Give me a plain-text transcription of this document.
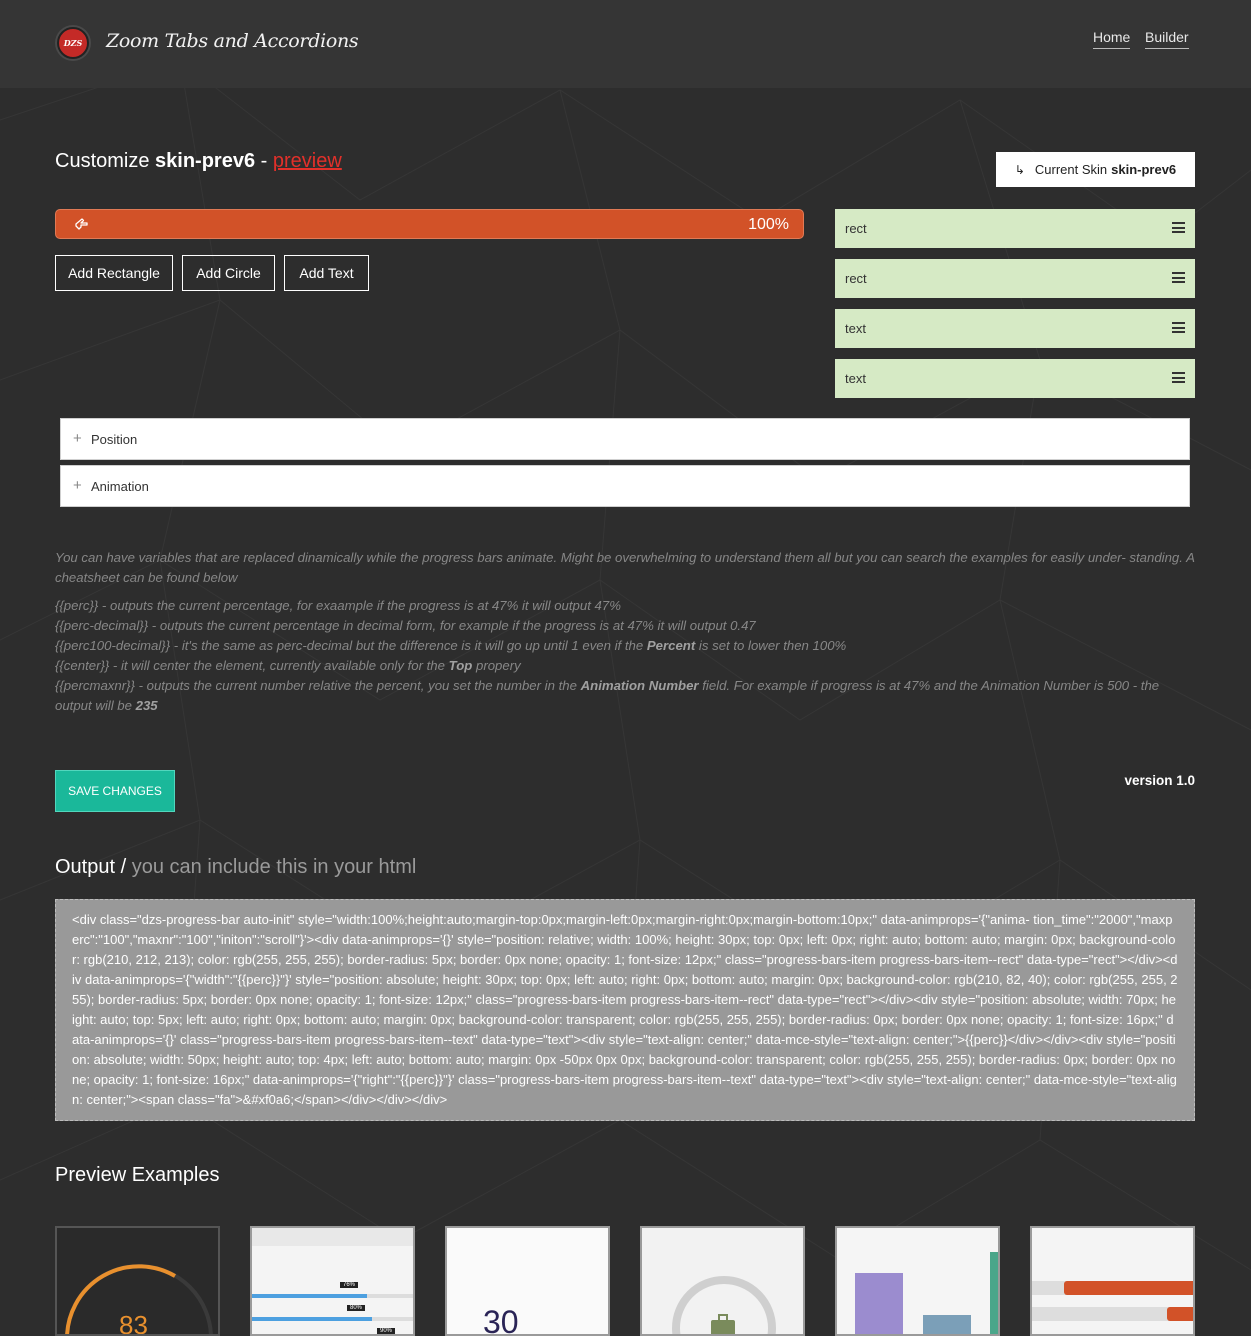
DZS Zoom Tabs and Accordions	Home Builder
Customize skin-prev6 - preview	↳ Current Skin skin-prev6
100%
Add Rectangle	Add Circle	Add Text
rect
rect
text
text
+ Position
+ Animation

You can have variables that are replaced dinamically while the progress bars animate. Might be overwhelming to understand them all but you can search the examples for easily under- standing. A cheatsheet can be found below

{{perc}} - outputs the current percentage, for exaample if the progress is at 47% it will output 47%
{{perc-decimal}} - outputs the current percentage in decimal form, for example if the progress is at 47% it will output 0.47
{{perc100-decimal}} - it's the same as perc-decimal but the difference is it will go up until 1 even if the Percent is set to lower then 100%
{{center}} - it will center the element, currently available only for the Top propery
{{percmaxnr}} - outputs the current number relative the percent, you set the number in the Animation Number field. For example if progress is at 47% and the Animation Number is 500 - the output will be 235
SAVE CHANGES
version 1.0
Output / you can include this in your html
<div class="dzs-progress-bar auto-init" style="width:100%;height:auto;margin-top:0px;margin-left:0px;margin-right:0px;margin-bottom:10px;" data-animprops='{"anima- tion_time":"2000","maxperc":"100","maxnr":"100","initon":"scroll"}'><div data-animprops='{}' style="position: relative; width: 100%; height: 30px; top: 0px; left: 0px; right: auto; bottom: auto; margin: 0px; background-color: rgb(210, 212, 213); color: rgb(255, 255, 255); border-radius: 5px; border: 0px none; opacity: 1; font-size: 12px;" class="progress-bars-item progress-bars-item--rect" data-type="rect"></div><div data-animprops='{"width":"{{perc}}"}' style="position: absolute; height: 30px; top: 0px; left: auto; right: 0px; bottom: auto; margin: 0px; background-color: rgb(210, 82, 40); color: rgb(255, 255, 255); border-radius: 5px; border: 0px none; opacity: 1; font-size: 12px;" class="progress-bars-item progress-bars-item--rect" data-type="rect"></div><div style="position: absolute; width: 70px; height: auto; top: 5px; left: auto; right: 0px; bottom: auto; margin: 0px; background-color: transparent; color: rgb(255, 255, 255); border-radius: 0px; border: 0px none; opacity: 1; font-size: 16px;" data-animprops='{}' class="progress-bars-item progress-bars-item--text" data-type="text"><div style="text-align: center;" data-mce-style="text-align: center;">{{perc}}</div></div><div style="position: absolute; width: 50px; height: auto; top: 4px; left: auto; bottom: auto; margin: 0px -50px 0px 0px; background-color: transparent; color: rgb(255, 255, 255); border-radius: 0px; border: 0px none; opacity: 1; font-size: 16px;" data-animprops='{"right":"{{perc}}"}' class="progress-bars-item progress-bars-item--text" data-type="text"><div style="text-align: center;" data-mce-style="text-align: center;"><span class="fa">&#xf0a6;</span></div></div></div>
Preview Examples
83
76%
80%
90%	30
